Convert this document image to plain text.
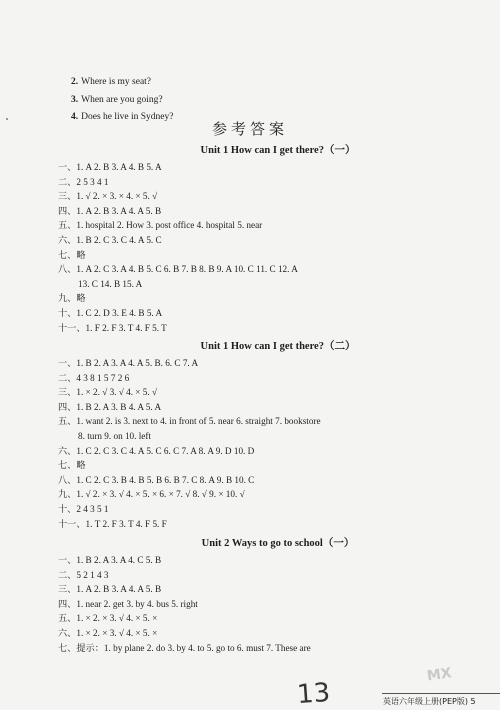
2. Where is my seat?
3. When are you going?
4. Does he live in Sydney?
参考答案
Unit 1 How can I get there?（一）
一、1. A 2. B 3. A 4. B 5. A
二、2 5 3 4 1
三、1. √ 2. × 3. × 4. × 5. √
四、1. A 2. B 3. A 4. A 5. B
五、1. hospital 2. How 3. post office 4. hospital 5. near
六、1. B 2. C 3. C 4. A 5. C
七、略
八、1. A 2. C 3. A 4. B 5. C 6. B 7. B 8. B 9. A 10. C 11. C 12. A
13. C 14. B 15. A
九、略
十、1. C 2. D 3. E 4. B 5. A
十一、1. F 2. F 3. T 4. F 5. T
Unit 1 How can I get there?（二）
一、1. B 2. A 3. A 4. A 5. B. 6. C 7. A
二、4 3 8 1 5 7 2 6
三、1. × 2. √ 3. √ 4. × 5. √
四、1. B 2. A 3. B 4. A 5. A
五、1. want 2. is 3. next to 4. in front of 5. near 6. straight 7. bookstore
8. turn 9. on 10. left
六、1. C 2. C 3. C 4. A 5. C 6. C 7. A 8. A 9. D 10. D
七、略
八、1. C 2. C 3. B 4. B 5. B 6. B 7. C 8. A 9. B 10. C
九、1. √ 2. × 3. √ 4. × 5. × 6. × 7. √ 8. √ 9. × 10. √
十、2 4 3 5 1
十一、1. T 2. F 3. T 4. F 5. F
Unit 2 Ways to go to school（一）
一、1. B 2. A 3. A 4. C 5. B
二、5 2 1 4 3
三、1. A 2. B 3. A 4. A 5. B
四、1. near 2. get 3. by 4. bus 5. right
五、1. × 2. × 3. √ 4. × 5. ×
六、1. × 2. × 3. √ 4. × 5. ×
七、提示：1. by plane 2. do 3. by 4. to 5. go to 6. must 7. These are
13	英语六年级上册(PEP版) 5
MX
